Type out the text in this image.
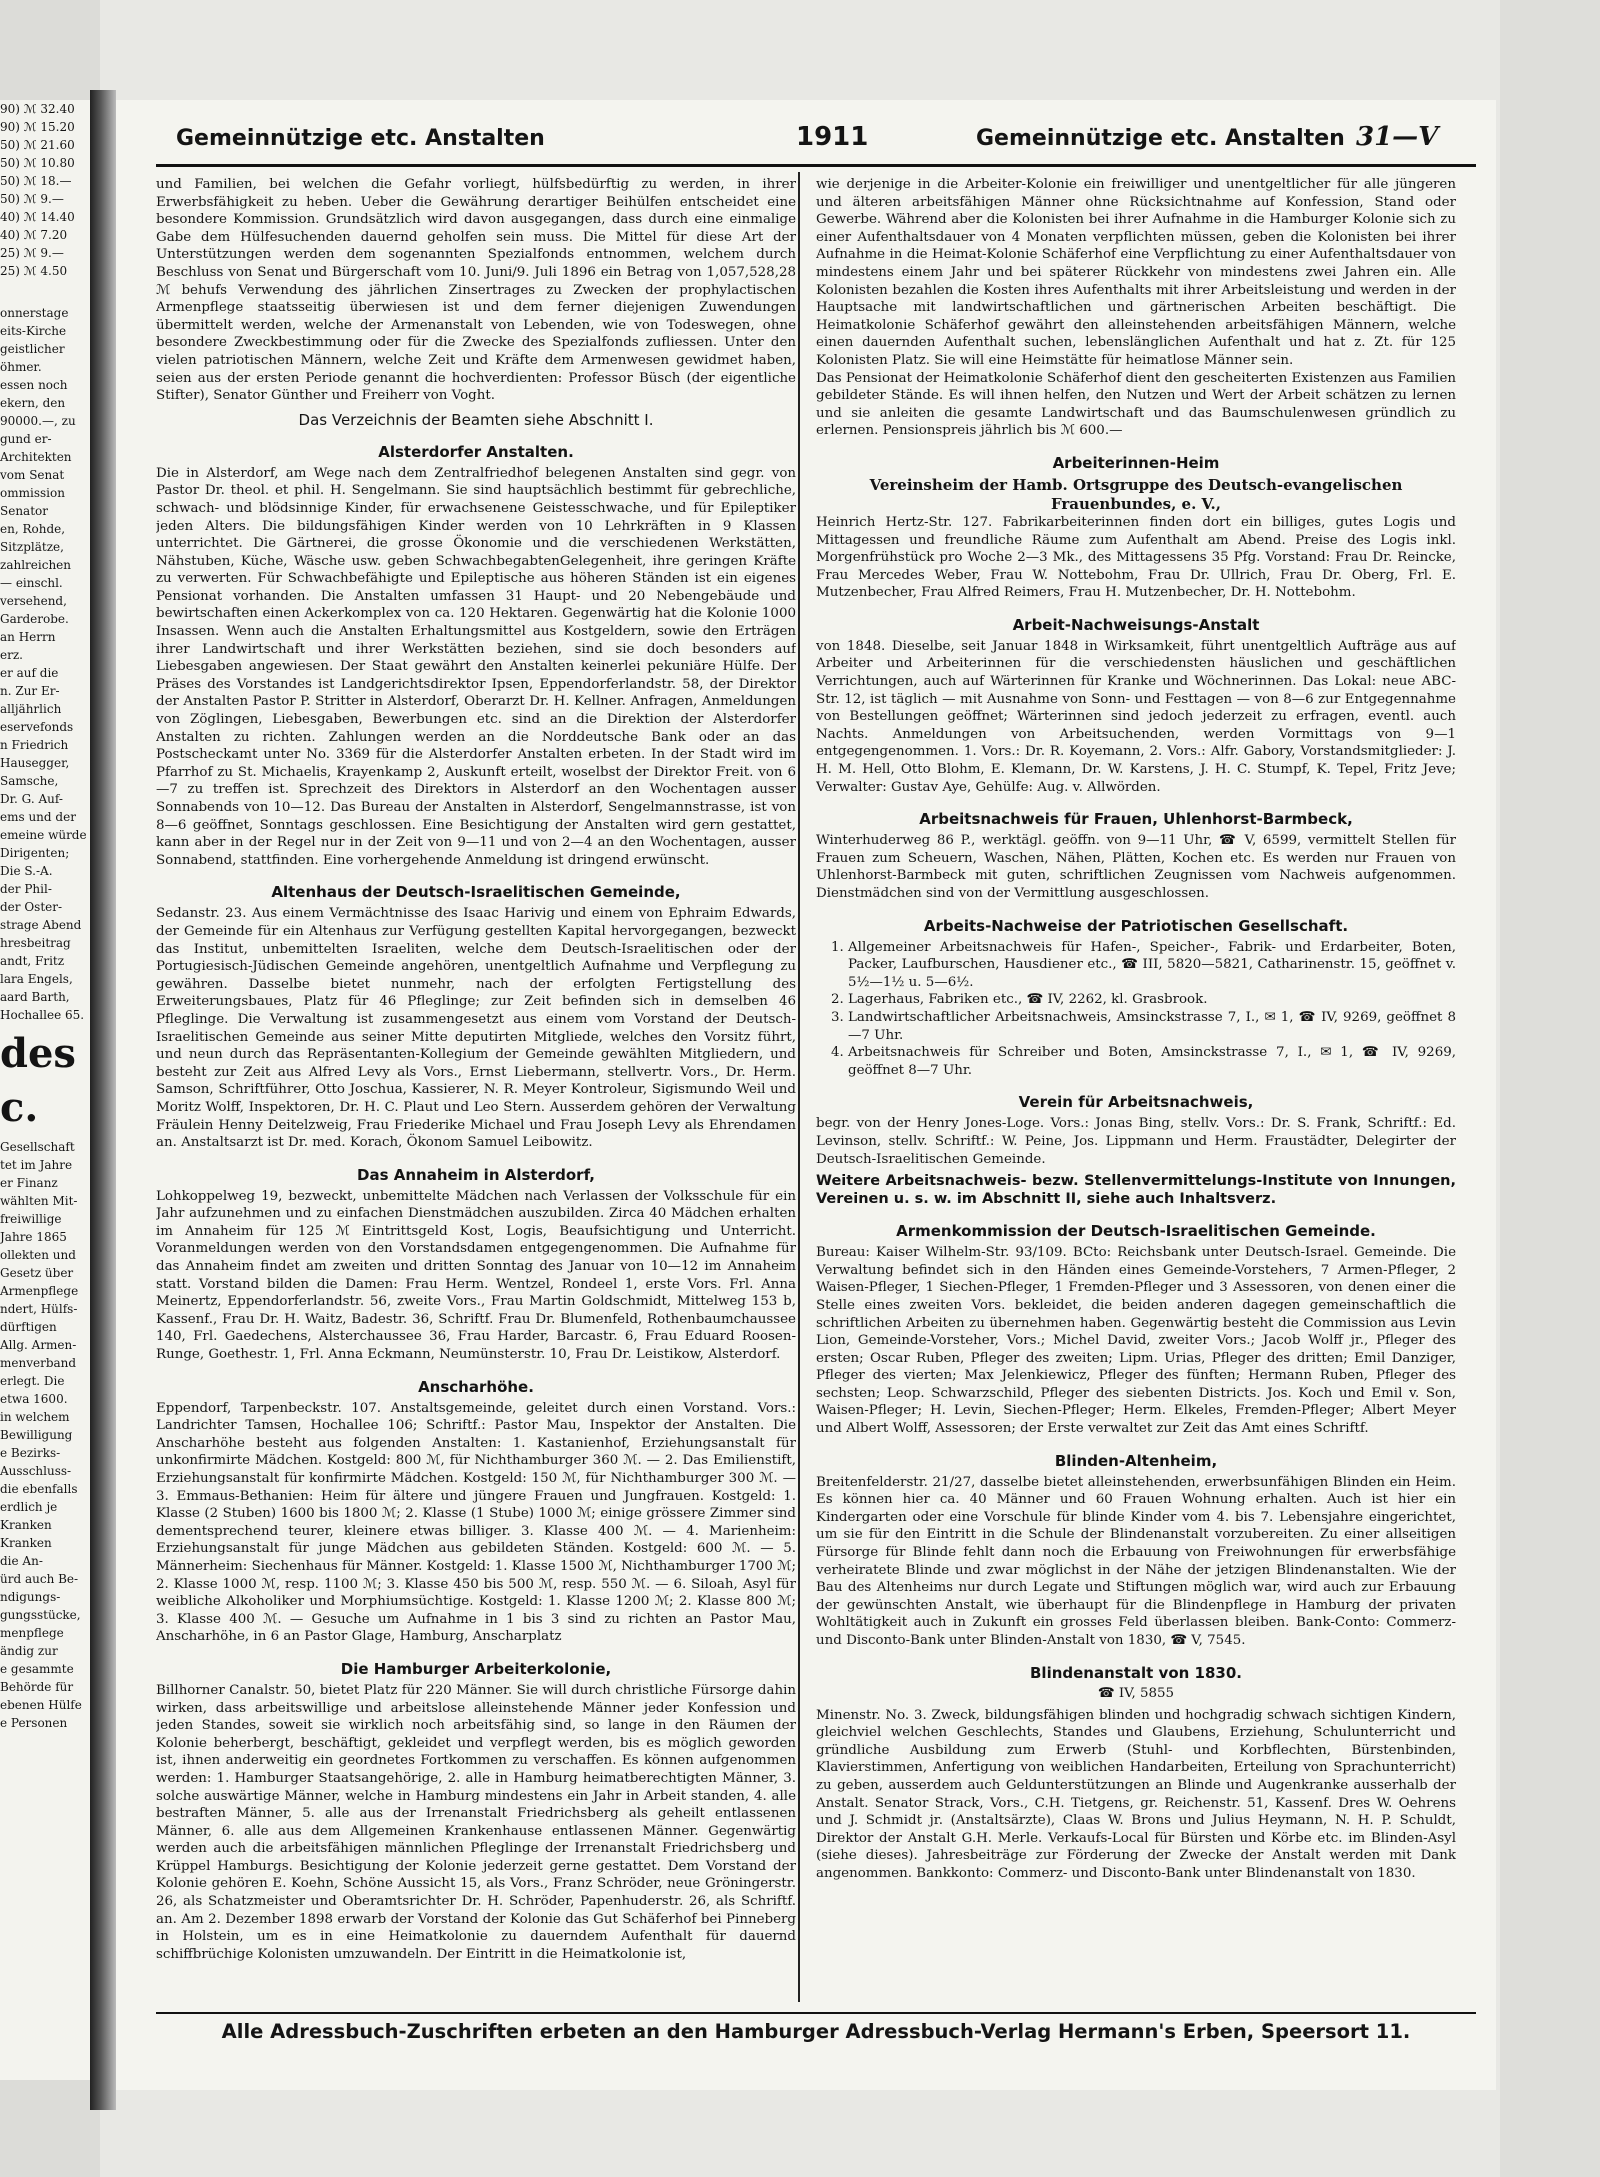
90) ℳ 32.40
90) ℳ 15.20
50) ℳ 21.60
50) ℳ 10.80
50) ℳ 18.—
50) ℳ 9.—
40) ℳ 14.40
40) ℳ 7.20
25) ℳ 9.—
25) ℳ 4.50
onnerstage
eits-Kirche
geistlicher
öhmer.
essen noch
ekern, den
90000.—, zu
gund er-
Architekten
vom Senat
ommission
Senator
en, Rohde,
Sitzplätze,
zahlreichen
— einschl.
versehend,
Garderobe.
an Herrn
erz.
er auf die
n. Zur Er-
alljährlich
eservefonds
n Friedrich
Hausegger,
Samsche,
Dr. G. Auf-
ems und der
emeine würde
Dirigenten;
Die S.-A.
der Phil-
der Oster-
strage Abend
hresbeitrag
andt, Fritz
lara Engels,
aard Barth,
Hochallee 65.
des
c.
Gesellschaft
tet im Jahre
er Finanz
wählten Mit-
freiwillige
Jahre 1865
ollekten und
Gesetz über
Armenpflege
ndert, Hülfs-
dürftigen
Allg. Armen-
menverband
erlegt. Die
etwa 1600.
in welchem
Bewilligung
e Bezirks-
Ausschluss-
die ebenfalls
erdlich je
Kranken
Kranken
die An-
ürd auch Be-
ndigungs-
gungsstücke,
menpflege
ändig zur
e gesammte
Behörde für
ebenen Hülfe
e Personen
Gemeinnützige etc. Anstalten	1911	Gemeinnützige etc. Anstalten 31—V

und Familien, bei welchen die Gefahr vorliegt, hülfsbedürftig zu werden, in ihrer Erwerbsfähigkeit zu heben. Ueber die Gewährung derartiger Beihülfen entscheidet eine besondere Kommission. Grundsätzlich wird davon ausgegangen, dass durch eine einmalige Gabe dem Hülfesuchenden dauernd geholfen sein muss. Die Mittel für diese Art der Unterstützungen werden dem sogenannten Spezialfonds entnommen, welchem durch Beschluss von Senat und Bürgerschaft vom 10. Juni/9. Juli 1896 ein Betrag von 1,057,528,28 ℳ behufs Verwendung des jährlichen Zinsertrages zu Zwecken der prophylactischen Armenpflege staatsseitig überwiesen ist und dem ferner diejenigen Zuwendungen übermittelt werden, welche der Armenanstalt von Lebenden, wie von Todeswegen, ohne besondere Zweckbestimmung oder für die Zwecke des Spezialfonds zufliessen. Unter den vielen patriotischen Männern, welche Zeit und Kräfte dem Armenwesen gewidmet haben, seien aus der ersten Periode genannt die hochverdienten: Professor Büsch (der eigentliche Stifter), Senator Günther und Freiherr von Voght.

Das Verzeichnis der Beamten siehe Abschnitt I.
Alsterdorfer Anstalten.

Die in Alsterdorf, am Wege nach dem Zentralfriedhof belegenen Anstalten sind gegr. von Pastor Dr. theol. et phil. H. Sengelmann. Sie sind hauptsächlich bestimmt für gebrechliche, schwach- und blödsinnige Kinder, für erwachsenene Geistesschwache, und für Epileptiker jeden Alters. Die bildungsfähigen Kinder werden von 10 Lehrkräften in 9 Klassen unterrichtet. Die Gärtnerei, die grosse Ökonomie und die verschiedenen Werkstätten, Nähstuben, Küche, Wäsche usw. geben SchwachbegabtenGelegenheit, ihre geringen Kräfte zu verwerten. Für Schwachbefähigte und Epileptische aus höheren Ständen ist ein eigenes Pensionat vorhanden. Die Anstalten umfassen 31 Haupt- und 20 Nebengebäude und bewirtschaften einen Ackerkomplex von ca. 120 Hektaren. Gegenwärtig hat die Kolonie 1000 Insassen. Wenn auch die Anstalten Erhaltungsmittel aus Kostgeldern, sowie den Erträgen ihrer Landwirtschaft und ihrer Werkstätten beziehen, sind sie doch besonders auf Liebesgaben angewiesen. Der Staat gewährt den Anstalten keinerlei pekuniäre Hülfe. Der Präses des Vorstandes ist Landgerichtsdirektor Ipsen, Eppendorferlandstr. 58, der Direktor der Anstalten Pastor P. Stritter in Alsterdorf, Oberarzt Dr. H. Kellner. Anfragen, Anmeldungen von Zöglingen, Liebesgaben, Bewerbungen etc. sind an die Direktion der Alsterdorfer Anstalten zu richten. Zahlungen werden an die Norddeutsche Bank oder an das Postscheckamt unter No. 3369 für die Alsterdorfer Anstalten erbeten. In der Stadt wird im Pfarrhof zu St. Michaelis, Krayenkamp 2, Auskunft erteilt, woselbst der Direktor Freit. von 6—7 zu treffen ist. Sprechzeit des Direktors in Alsterdorf an den Wochentagen ausser Sonnabends von 10—12. Das Bureau der Anstalten in Alsterdorf, Sengelmannstrasse, ist von 8—6 geöffnet, Sonntags geschlossen. Eine Besichtigung der Anstalten wird gern gestattet, kann aber in der Regel nur in der Zeit von 9—11 und von 2—4 an den Wochentagen, ausser Sonnabend, stattfinden. Eine vorhergehende Anmeldung ist dringend erwünscht.

Altenhaus der Deutsch-Israelitischen Gemeinde,

Sedanstr. 23. Aus einem Vermächtnisse des Isaac Harivig und einem von Ephraim Edwards, der Gemeinde für ein Altenhaus zur Verfügung gestellten Kapital hervorgegangen, bezweckt das Institut, unbemittelten Israeliten, welche dem Deutsch-Israelitischen oder der Portugiesisch-Jüdischen Gemeinde angehören, unentgeltlich Aufnahme und Verpflegung zu gewähren. Dasselbe bietet nunmehr, nach der erfolgten Fertigstellung des Erweiterungsbaues, Platz für 46 Pfleglinge; zur Zeit befinden sich in demselben 46 Pfleglinge. Die Verwaltung ist zusammengesetzt aus einem vom Vorstand der Deutsch-Israelitischen Gemeinde aus seiner Mitte deputirten Mitgliede, welches den Vorsitz führt, und neun durch das Repräsentanten-Kollegium der Gemeinde gewählten Mitgliedern, und besteht zur Zeit aus Alfred Levy als Vors., Ernst Liebermann, stellvertr. Vors., Dr. Herm. Samson, Schriftführer, Otto Joschua, Kassierer, N. R. Meyer Kontroleur, Sigismundo Weil und Moritz Wolff, Inspektoren, Dr. H. C. Plaut und Leo Stern. Ausserdem gehören der Verwaltung Fräulein Henny Deitelzweig, Frau Friederike Michael und Frau Joseph Levy als Ehrendamen an. Anstaltsarzt ist Dr. med. Korach, Ökonom Samuel Leibowitz.

Das Annaheim in Alsterdorf,

Lohkoppelweg 19, bezweckt, unbemittelte Mädchen nach Verlassen der Volksschule für ein Jahr aufzunehmen und zu einfachen Dienstmädchen auszubilden. Zirca 40 Mädchen erhalten im Annaheim für 125 ℳ Eintrittsgeld Kost, Logis, Beaufsichtigung und Unterricht. Voranmeldungen werden von den Vorstandsdamen entgegengenommen. Die Aufnahme für das Annaheim findet am zweiten und dritten Sonntag des Januar von 10—12 im Annaheim statt. Vorstand bilden die Damen: Frau Herm. Wentzel, Rondeel 1, erste Vors. Frl. Anna Meinertz, Eppendorferlandstr. 56, zweite Vors., Frau Martin Goldschmidt, Mittelweg 153 b, Kassenf., Frau Dr. H. Waitz, Badestr. 36, Schriftf. Frau Dr. Blumenfeld, Rothenbaumchaussee 140, Frl. Gaedechens, Alsterchaussee 36, Frau Harder, Barcastr. 6, Frau Eduard Roosen-Runge, Goethestr. 1, Frl. Anna Eckmann, Neumünsterstr. 10, Frau Dr. Leistikow, Alsterdorf.

Anscharhöhe.

Eppendorf, Tarpenbeckstr. 107. Anstaltsgemeinde, geleitet durch einen Vorstand. Vors.: Landrichter Tamsen, Hochallee 106; Schriftf.: Pastor Mau, Inspektor der Anstalten. Die Anscharhöhe besteht aus folgenden Anstalten: 1. Kastanienhof, Erziehungsanstalt für unkonfirmirte Mädchen. Kostgeld: 800 ℳ, für Nichthamburger 360 ℳ. — 2. Das Emilienstift, Erziehungsanstalt für konfirmirte Mädchen. Kostgeld: 150 ℳ, für Nichthamburger 300 ℳ. — 3. Emmaus-Bethanien: Heim für ältere und jüngere Frauen und Jungfrauen. Kostgeld: 1. Klasse (2 Stuben) 1600 bis 1800 ℳ; 2. Klasse (1 Stube) 1000 ℳ; einige grössere Zimmer sind dementsprechend teurer, kleinere etwas billiger. 3. Klasse 400 ℳ. — 4. Marienheim: Erziehungsanstalt für junge Mädchen aus gebildeten Ständen. Kostgeld: 600 ℳ. — 5. Männerheim: Siechenhaus für Männer. Kostgeld: 1. Klasse 1500 ℳ, Nichthamburger 1700 ℳ; 2. Klasse 1000 ℳ, resp. 1100 ℳ; 3. Klasse 450 bis 500 ℳ, resp. 550 ℳ. — 6. Siloah, Asyl für weibliche Alkoholiker und Morphiumsüchtige. Kostgeld: 1. Klasse 1200 ℳ; 2. Klasse 800 ℳ; 3. Klasse 400 ℳ. — Gesuche um Aufnahme in 1 bis 3 sind zu richten an Pastor Mau, Anscharhöhe, in 6 an Pastor Glage, Hamburg, Anscharplatz

Die Hamburger Arbeiterkolonie,

Billhorner Canalstr. 50, bietet Platz für 220 Männer. Sie will durch christliche Fürsorge dahin wirken, dass arbeitswillige und arbeitslose alleinstehende Männer jeder Konfession und jeden Standes, soweit sie wirklich noch arbeitsfähig sind, so lange in den Räumen der Kolonie beherbergt, beschäftigt, gekleidet und verpflegt werden, bis es möglich geworden ist, ihnen anderweitig ein geordnetes Fortkommen zu verschaffen. Es können aufgenommen werden: 1. Hamburger Staatsangehörige, 2. alle in Hamburg heimatberechtigten Männer, 3. solche auswärtige Männer, welche in Hamburg mindestens ein Jahr in Arbeit standen, 4. alle bestraften Männer, 5. alle aus der Irrenanstalt Friedrichsberg als geheilt entlassenen Männer, 6. alle aus dem Allgemeinen Krankenhause entlassenen Männer. Gegenwärtig werden auch die arbeitsfähigen männlichen Pfleglinge der Irrenanstalt Friedrichsberg und Krüppel Hamburgs. Besichtigung der Kolonie jederzeit gerne gestattet. Dem Vorstand der Kolonie gehören E. Koehn, Schöne Aussicht 15, als Vors., Franz Schröder, neue Gröningerstr. 26, als Schatzmeister und Oberamtsrichter Dr. H. Schröder, Papenhuderstr. 26, als Schriftf. an. Am 2. Dezember 1898 erwarb der Vorstand der Kolonie das Gut Schäferhof bei Pinneberg in Holstein, um es in eine Heimatkolonie zu dauerndem Aufenthalt für dauernd schiffbrüchige Kolonisten umzuwandeln. Der Eintritt in die Heimatkolonie ist,

wie derjenige in die Arbeiter-Kolonie ein freiwilliger und unentgeltlicher für alle jüngeren und älteren arbeitsfähigen Männer ohne Rücksichtnahme auf Konfession, Stand oder Gewerbe. Während aber die Kolonisten bei ihrer Aufnahme in die Hamburger Kolonie sich zu einer Aufenthaltsdauer von 4 Monaten verpflichten müssen, geben die Kolonisten bei ihrer Aufnahme in die Heimat-Kolonie Schäferhof eine Verpflichtung zu einer Aufenthaltsdauer von mindestens einem Jahr und bei späterer Rückkehr von mindestens zwei Jahren ein. Alle Kolonisten bezahlen die Kosten ihres Aufenthalts mit ihrer Arbeitsleistung und werden in der Hauptsache mit landwirtschaftlichen und gärtnerischen Arbeiten beschäftigt. Die Heimatkolonie Schäferhof gewährt den alleinstehenden arbeitsfähigen Männern, welche einen dauernden Aufenthalt suchen, lebenslänglichen Aufenthalt und hat z. Zt. für 125 Kolonisten Platz. Sie will eine Heimstätte für heimatlose Männer sein.

Das Pensionat der Heimatkolonie Schäferhof dient den gescheiterten Existenzen aus Familien gebildeter Stände. Es will ihnen helfen, den Nutzen und Wert der Arbeit schätzen zu lernen und sie anleiten die gesamte Landwirtschaft und das Baumschulenwesen gründlich zu erlernen. Pensionspreis jährlich bis ℳ 600.—

Arbeiterinnen-Heim
Vereinsheim der Hamb. Ortsgruppe des Deutsch-evangelischen Frauenbundes, e. V.,

Heinrich Hertz-Str. 127. Fabrikarbeiterinnen finden dort ein billiges, gutes Logis und Mittagessen und freundliche Räume zum Aufenthalt am Abend. Preise des Logis inkl. Morgenfrühstück pro Woche 2—3 Mk., des Mittagessens 35 Pfg. Vorstand: Frau Dr. Reincke, Frau Mercedes Weber, Frau W. Nottebohm, Frau Dr. Ullrich, Frau Dr. Oberg, Frl. E. Mutzenbecher, Frau Alfred Reimers, Frau H. Mutzenbecher, Dr. H. Nottebohm.

Arbeit-Nachweisungs-Anstalt

von 1848. Dieselbe, seit Januar 1848 in Wirksamkeit, führt unentgeltlich Aufträge aus auf Arbeiter und Arbeiterinnen für die verschiedensten häuslichen und geschäftlichen Verrichtungen, auch auf Wärterinnen für Kranke und Wöchnerinnen. Das Lokal: neue ABC-Str. 12, ist täglich — mit Ausnahme von Sonn- und Festtagen — von 8—6 zur Entgegennahme von Bestellungen geöffnet; Wärterinnen sind jedoch jederzeit zu erfragen, eventl. auch Nachts. Anmeldungen von Arbeitsuchenden, werden Vormittags von 9—1 entgegengenommen. 1. Vors.: Dr. R. Koyemann, 2. Vors.: Alfr. Gabory, Vorstandsmitglieder: J. H. M. Hell, Otto Blohm, E. Klemann, Dr. W. Karstens, J. H. C. Stumpf, K. Tepel, Fritz Jeve; Verwalter: Gustav Aye, Gehülfe: Aug. v. Allwörden.

Arbeitsnachweis für Frauen, Uhlenhorst-Barmbeck,

Winterhuderweg 86 P., werktägl. geöffn. von 9—11 Uhr, ☎ V, 6599, vermittelt Stellen für Frauen zum Scheuern, Waschen, Nähen, Plätten, Kochen etc. Es werden nur Frauen von Uhlenhorst-Barmbeck mit guten, schriftlichen Zeugnissen vom Nachweis aufgenommen. Dienstmädchen sind von der Vermittlung ausgeschlossen.

Arbeits-Nachweise der Patriotischen Gesellschaft.
1. Allgemeiner Arbeitsnachweis für Hafen-, Speicher-, Fabrik- und Erdarbeiter, Boten, Packer, Laufburschen, Hausdiener etc., ☎ III, 5820—5821, Catharinenstr. 15, geöffnet v. 5½—1½ u. 5—6½.
2. Lagerhaus, Fabriken etc., ☎ IV, 2262, kl. Grasbrook.
3. Landwirtschaftlicher Arbeitsnachweis, Amsinckstrasse 7, I., ✉ 1, ☎ IV, 9269, geöffnet 8—7 Uhr.
4. Arbeitsnachweis für Schreiber und Boten, Amsinckstrasse 7, I., ✉ 1, ☎ IV, 9269, geöffnet 8—7 Uhr.
Verein für Arbeitsnachweis,

begr. von der Henry Jones-Loge. Vors.: Jonas Bing, stellv. Vors.: Dr. S. Frank, Schriftf.: Ed. Levinson, stellv. Schriftf.: W. Peine, Jos. Lippmann und Herm. Fraustädter, Delegirter der Deutsch-Israelitischen Gemeinde.

Weitere Arbeitsnachweis- bezw. Stellenvermittelungs-Institute von Innungen, Vereinen u. s. w. im Abschnitt II, siehe auch Inhaltsverz.
Armenkommission der Deutsch-Israelitischen Gemeinde.

Bureau: Kaiser Wilhelm-Str. 93/109. BCto: Reichsbank unter Deutsch-Israel. Gemeinde. Die Verwaltung befindet sich in den Händen eines Gemeinde-Vorstehers, 7 Armen-Pfleger, 2 Waisen-Pfleger, 1 Siechen-Pfleger, 1 Fremden-Pfleger und 3 Assessoren, von denen einer die Stelle eines zweiten Vors. bekleidet, die beiden anderen dagegen gemeinschaftlich die schriftlichen Arbeiten zu übernehmen haben. Gegenwärtig besteht die Commission aus Levin Lion, Gemeinde-Vorsteher, Vors.; Michel David, zweiter Vors.; Jacob Wolff jr., Pfleger des ersten; Oscar Ruben, Pfleger des zweiten; Lipm. Urias, Pfleger des dritten; Emil Danziger, Pfleger des vierten; Max Jelenkiewicz, Pfleger des fünften; Hermann Ruben, Pfleger des sechsten; Leop. Schwarzschild, Pfleger des siebenten Districts. Jos. Koch und Emil v. Son, Waisen-Pfleger; H. Levin, Siechen-Pfleger; Herm. Elkeles, Fremden-Pfleger; Albert Meyer und Albert Wolff, Assessoren; der Erste verwaltet zur Zeit das Amt eines Schriftf.

Blinden-Altenheim,

Breitenfelderstr. 21/27, dasselbe bietet alleinstehenden, erwerbsunfähigen Blinden ein Heim. Es können hier ca. 40 Männer und 60 Frauen Wohnung erhalten. Auch ist hier ein Kindergarten oder eine Vorschule für blinde Kinder vom 4. bis 7. Lebensjahre eingerichtet, um sie für den Eintritt in die Schule der Blindenanstalt vorzubereiten. Zu einer allseitigen Fürsorge für Blinde fehlt dann noch die Erbauung von Freiwohnungen für erwerbsfähige verheiratete Blinde und zwar möglichst in der Nähe der jetzigen Blindenanstalten. Wie der Bau des Altenheims nur durch Legate und Stiftungen möglich war, wird auch zur Erbauung der gewünschten Anstalt, wie überhaupt für die Blindenpflege in Hamburg der privaten Wohltätigkeit auch in Zukunft ein grosses Feld überlassen bleiben. Bank-Conto: Commerz- und Disconto-Bank unter Blinden-Anstalt von 1830, ☎ V, 7545.

Blindenanstalt von 1830.
☎ IV, 5855

Minenstr. No. 3. Zweck, bildungsfähigen blinden und hochgradig schwach sichtigen Kindern, gleichviel welchen Geschlechts, Standes und Glaubens, Erziehung, Schulunterricht und gründliche Ausbildung zum Erwerb (Stuhl- und Korbflechten, Bürstenbinden, Klavierstimmen, Anfertigung von weiblichen Handarbeiten, Erteilung von Sprachunterricht) zu geben, ausserdem auch Geldunterstützungen an Blinde und Augenkranke ausserhalb der Anstalt. Senator Strack, Vors., C.H. Tietgens, gr. Reichenstr. 51, Kassenf. Dres W. Oehrens und J. Schmidt jr. (Anstaltsärzte), Claas W. Brons und Julius Heymann, N. H. P. Schuldt, Direktor der Anstalt G.H. Merle. Verkaufs-Local für Bürsten und Körbe etc. im Blinden-Asyl (siehe dieses). Jahresbeiträge zur Förderung der Zwecke der Anstalt werden mit Dank angenommen. Bankkonto: Commerz- und Disconto-Bank unter Blindenanstalt von 1830.

Alle Adressbuch-Zuschriften erbeten an den Hamburger Adressbuch-Verlag Hermann's Erben, Speersort 11.
